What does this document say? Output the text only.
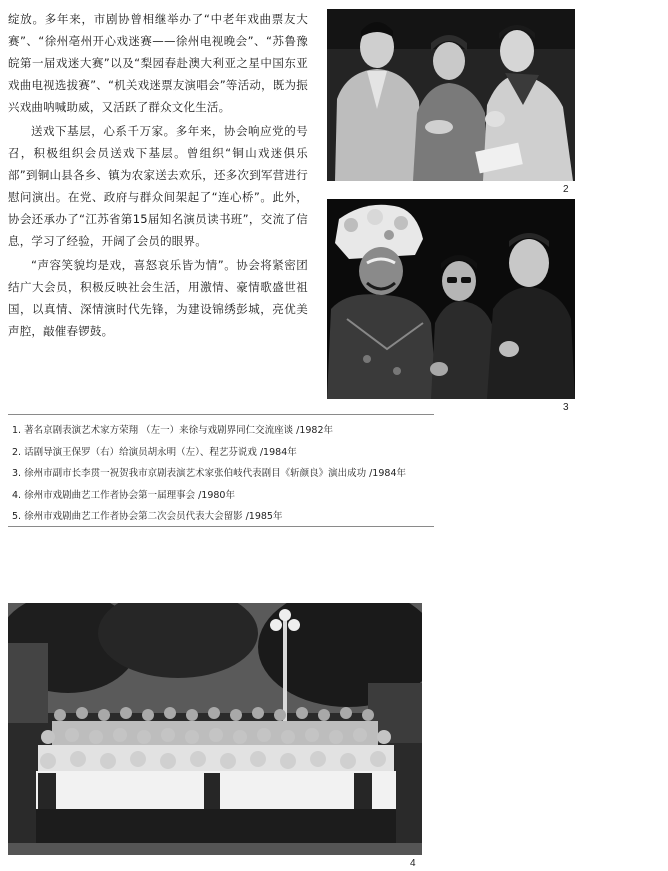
绽放。多年来，市剧协曾相继举办了“中老年戏曲票友大赛”、“徐州亳州开心戏迷赛——徐州电视晚会”、“苏鲁豫皖第一届戏迷大赛”以及“梨园春赴澳大利亚之星中国东亚戏曲电视选拔赛”、“机关戏迷票友演唱会”等活动，既为振兴戏曲呐喊助威，又活跃了群众文化生活。

送戏下基层，心系千万家。多年来，协会响应党的号召，积极组织会员送戏下基层。曾组织“铜山戏迷俱乐部”到铜山县各乡、镇为农家送去欢乐，还多次到军营进行慰问演出。在党、政府与群众间架起了“连心桥”。此外，协会还承办了“江苏省第15届知名演员读书班”，交流了信息，学习了经验，开阔了会员的眼界。

“声容笑貌均是戏，喜怒哀乐皆为情”。协会将紧密团结广大会员，积极反映社会生活，用激情、豪情歌盛世祖国，以真情、深情演时代先锋，为建设锦绣彭城，亮优美声腔，敲催春锣鼓。

2
3
1. 著名京剧表演艺术家方荣翔 （左一）来徐与戏剧界同仁交流座谈 /1982年
2. 话剧导演王保罗（右）给演员胡永明（左）、程艺芬说戏 /1984年
3. 徐州市副市长李贯一祝贺我市京剧表演艺术家张伯岐代表剧目《斩颜良》演出成功 /1984年
4. 徐州市戏剧曲艺工作者协会第一届理事会 /1980年
5. 徐州市戏剧曲艺工作者协会第二次会员代表大会留影 /1985年
4
